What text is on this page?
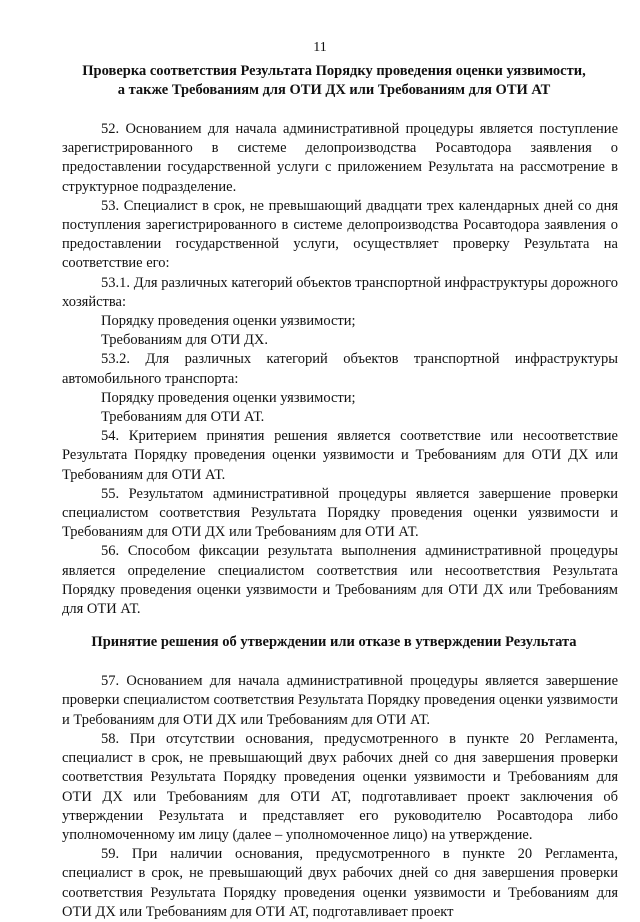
11
Проверка соответствия Результата Порядку проведения оценки уязвимости,
а также Требованиям для ОТИ ДХ или Требованиям для ОТИ АТ

52. Основанием для начала административной процедуры является поступление зарегистрированного в системе делопроизводства Росавтодора заявления о предоставлении государственной услуги с приложением Результата на рассмотрение в структурное подразделение.

53. Специалист в срок, не превышающий двадцати трех календарных дней со дня поступления зарегистрированного в системе делопроизводства Росавтодора заявления о предоставлении государственной услуги, осуществляет проверку Результата на соответствие его:

53.1. Для различных категорий объектов транспортной инфраструктуры дорожного хозяйства:

Порядку проведения оценки уязвимости;

Требованиям для ОТИ ДХ.

53.2. Для различных категорий объектов транспортной инфраструктуры автомобильного транспорта:

Порядку проведения оценки уязвимости;

Требованиям для ОТИ АТ.

54. Критерием принятия решения является соответствие или несоответствие Результата Порядку проведения оценки уязвимости и Требованиям для ОТИ ДХ или Требованиям для ОТИ АТ.

55. Результатом административной процедуры является завершение проверки специалистом соответствия Результата Порядку проведения оценки уязвимости и Требованиям для ОТИ ДХ или Требованиям для ОТИ АТ.

56. Способом фиксации результата выполнения административной процедуры является определение специалистом соответствия или несоответствия Результата Порядку проведения оценки уязвимости и Требованиям для ОТИ ДХ или Требованиям для ОТИ АТ.

Принятие решения об утверждении или отказе в утверждении Результата

57. Основанием для начала административной процедуры является завершение проверки специалистом соответствия Результата Порядку проведения оценки уязвимости и Требованиям для ОТИ ДХ или Требованиям для ОТИ АТ.

58. При отсутствии основания, предусмотренного в пункте 20 Регламента, специалист в срок, не превышающий двух рабочих дней со дня завершения проверки соответствия Результата Порядку проведения оценки уязвимости и Требованиям для ОТИ ДХ или Требованиям для ОТИ АТ, подготавливает проект заключения об утверждении Результата и представляет его руководителю Росавтодора либо уполномоченному им лицу (далее – уполномоченное лицо) на утверждение.

59. При наличии основания, предусмотренного в пункте 20 Регламента, специалист в срок, не превышающий двух рабочих дней со дня завершения проверки соответствия Результата Порядку проведения оценки уязвимости и Требованиям для ОТИ ДХ или Требованиям для ОТИ АТ, подготавливает проект
